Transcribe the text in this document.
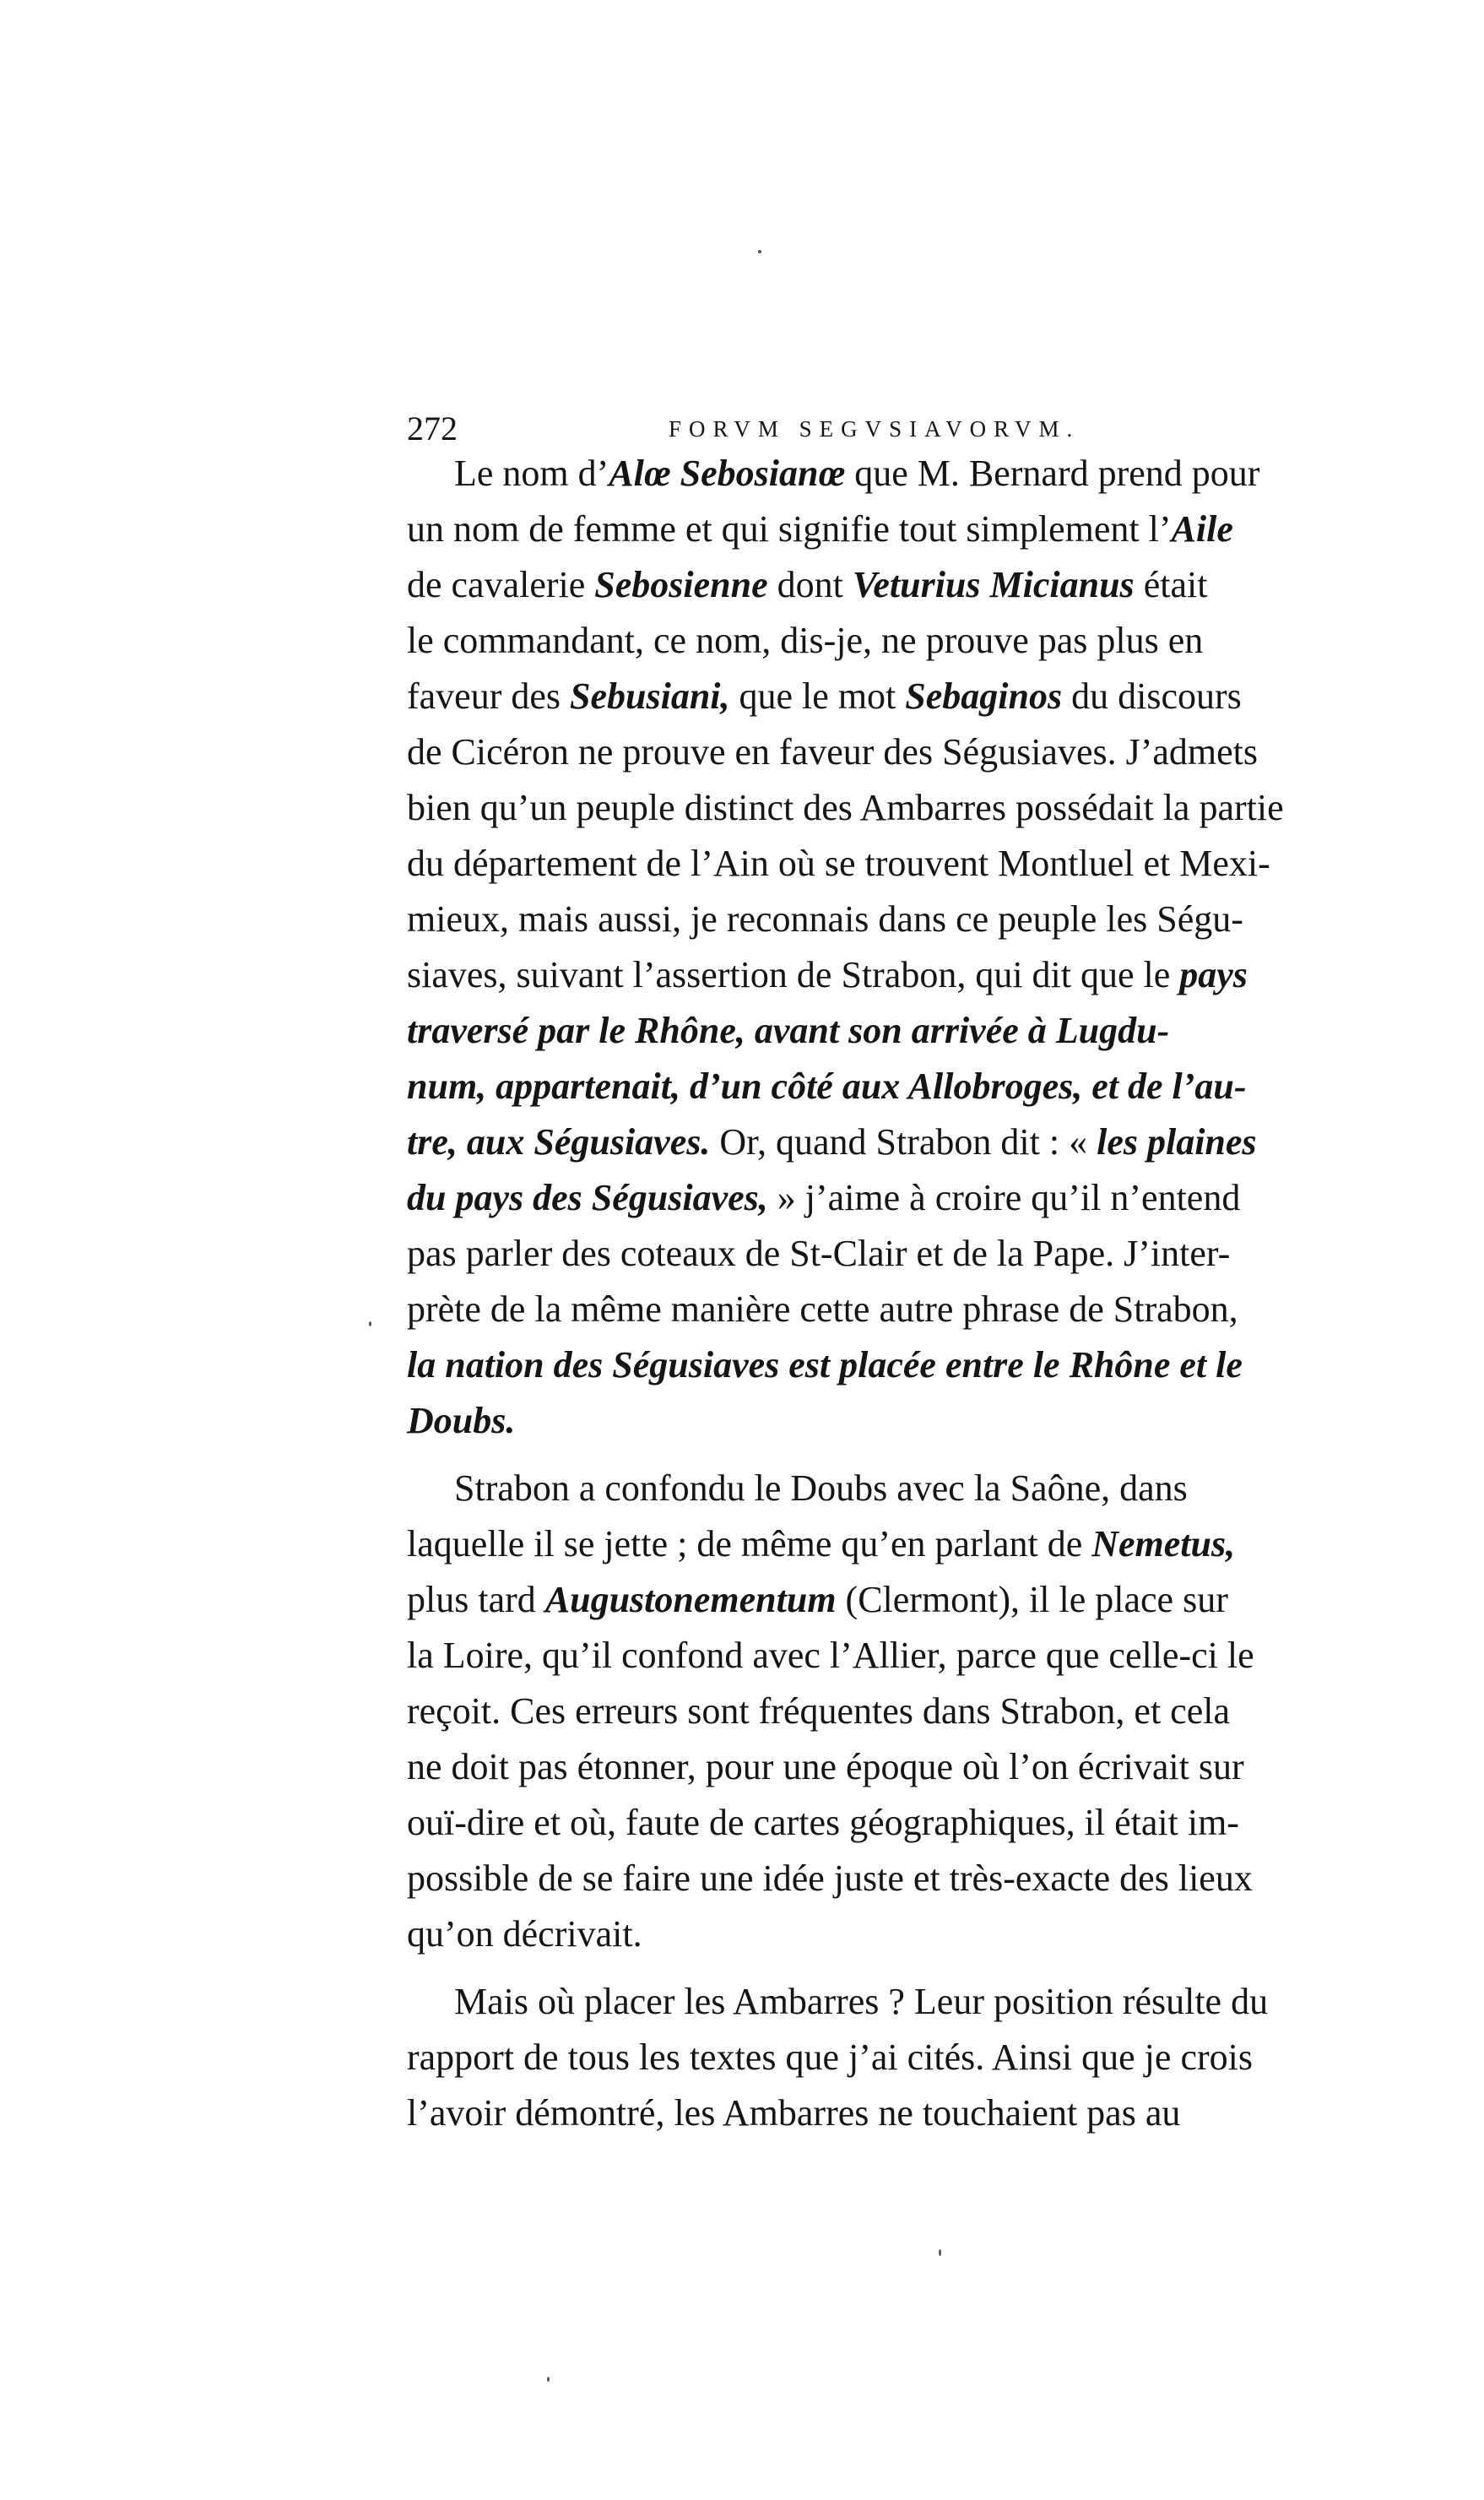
272	FORVM SEGVSIAVORVM.
Le nom d’Alœ Sebosianœ que M. Bernard prend pour
un nom de femme et qui signifie tout simplement l’Aile
de cavalerie Sebosienne dont Veturius Micianus était
le commandant, ce nom, dis-je, ne prouve pas plus en
faveur des Sebusiani, que le mot Sebaginos du discours
de Cicéron ne prouve en faveur des Ségusiaves. J’admets
bien qu’un peuple distinct des Ambarres possédait la partie
du département de l’Ain où se trouvent Montluel et Mexi-
mieux, mais aussi, je reconnais dans ce peuple les Ségu-
siaves, suivant l’assertion de Strabon, qui dit que le pays
traversé par le Rhône, avant son arrivée à Lugdu-
num, appartenait, d’un côté aux Allobroges, et de l’au-
tre, aux Ségusiaves. Or, quand Strabon dit : « les plaines
du pays des Ségusiaves, » j’aime à croire qu’il n’entend
pas parler des coteaux de St-Clair et de la Pape. J’inter-
prète de la même manière cette autre phrase de Strabon,
la nation des Ségusiaves est placée entre le Rhône et le
Doubs.
Strabon a confondu le Doubs avec la Saône, dans
laquelle il se jette ; de même qu’en parlant de Nemetus,
plus tard Augustonementum (Clermont), il le place sur
la Loire, qu’il confond avec l’Allier, parce que celle-ci le
reçoit. Ces erreurs sont fréquentes dans Strabon, et cela
ne doit pas étonner, pour une époque où l’on écrivait sur
ouï-dire et où, faute de cartes géographiques, il était im-
possible de se faire une idée juste et très-exacte des lieux
qu’on décrivait.
Mais où placer les Ambarres ? Leur position résulte du
rapport de tous les textes que j’ai cités. Ainsi que je crois
l’avoir démontré, les Ambarres ne touchaient pas au
